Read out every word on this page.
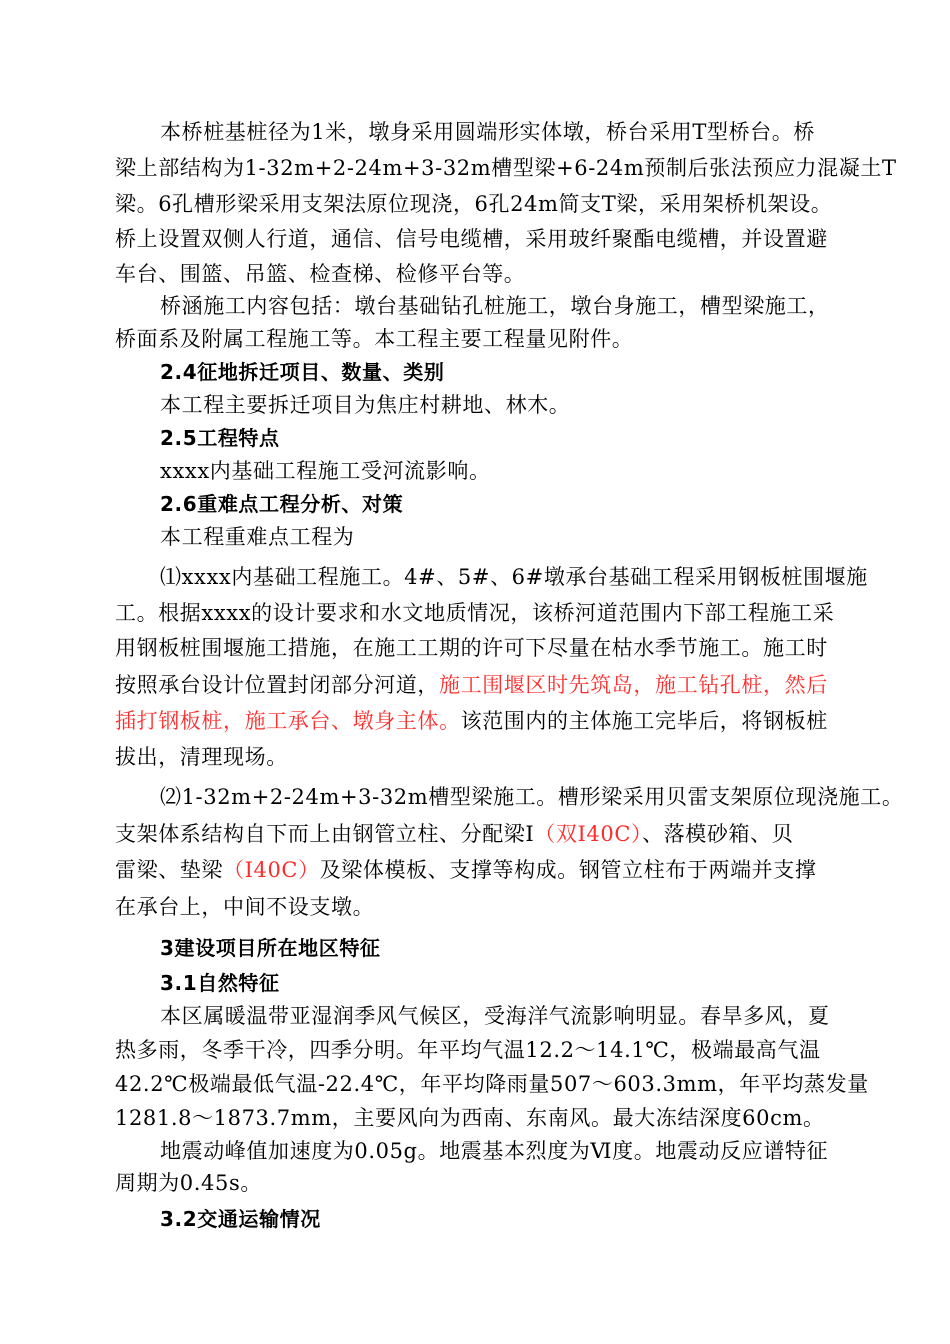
本桥桩基桩径为1米，墩身采用圆端形实体墩，桥台采用T型桥台。桥
梁上部结构为1-32m+2-24m+3-32m槽型梁+6-24m预制后张法预应力混凝土T
梁。6孔槽形梁采用支架法原位现浇，6孔24m简支T梁，采用架桥机架设。
桥上设置双侧人行道，通信、信号电缆槽，采用玻纤聚酯电缆槽，并设置避
车台、围篮、吊篮、检查梯、检修平台等。
桥涵施工内容包括：墩台基础钻孔桩施工，墩台身施工，槽型梁施工，
桥面系及附属工程施工等。本工程主要工程量见附件。
2.4征地拆迁项目、数量、类别
本工程主要拆迁项目为焦庄村耕地、林木。
2.5工程特点
xxxx内基础工程施工受河流影响。
2.6重难点工程分析、对策
本工程重难点工程为
⑴xxxx内基础工程施工。4#、5#、6#墩承台基础工程采用钢板桩围堰施
工。根据xxxx的设计要求和水文地质情况，该桥河道范围内下部工程施工采
用钢板桩围堰施工措施，在施工工期的许可下尽量在枯水季节施工。施工时
按照承台设计位置封闭部分河道，施工围堰区时先筑岛，施工钻孔桩，然后
插打钢板桩，施工承台、墩身主体。该范围内的主体施工完毕后，将钢板桩
拔出，清理现场。
⑵1-32m+2-24m+3-32m槽型梁施工。槽形梁采用贝雷支架原位现浇施工。
支架体系结构自下而上由钢管立柱、分配梁Ⅰ（双Ⅰ40C）、落模砂箱、贝
雷梁、垫梁（Ⅰ40C）及梁体模板、支撑等构成。钢管立柱布于两端并支撑
在承台上，中间不设支墩。
3建设项目所在地区特征
3.1自然特征
本区属暖温带亚湿润季风气候区，受海洋气流影响明显。春旱多风，夏
热多雨，冬季干冷，四季分明。年平均气温12.2～14.1℃，极端最高气温
42.2℃极端最低气温-22.4℃，年平均降雨量507～603.3mm，年平均蒸发量
1281.8～1873.7mm，主要风向为西南、东南风。最大冻结深度60cm。
地震动峰值加速度为0.05g。地震基本烈度为Ⅵ度。地震动反应谱特征
周期为0.45s。
3.2交通运输情况
